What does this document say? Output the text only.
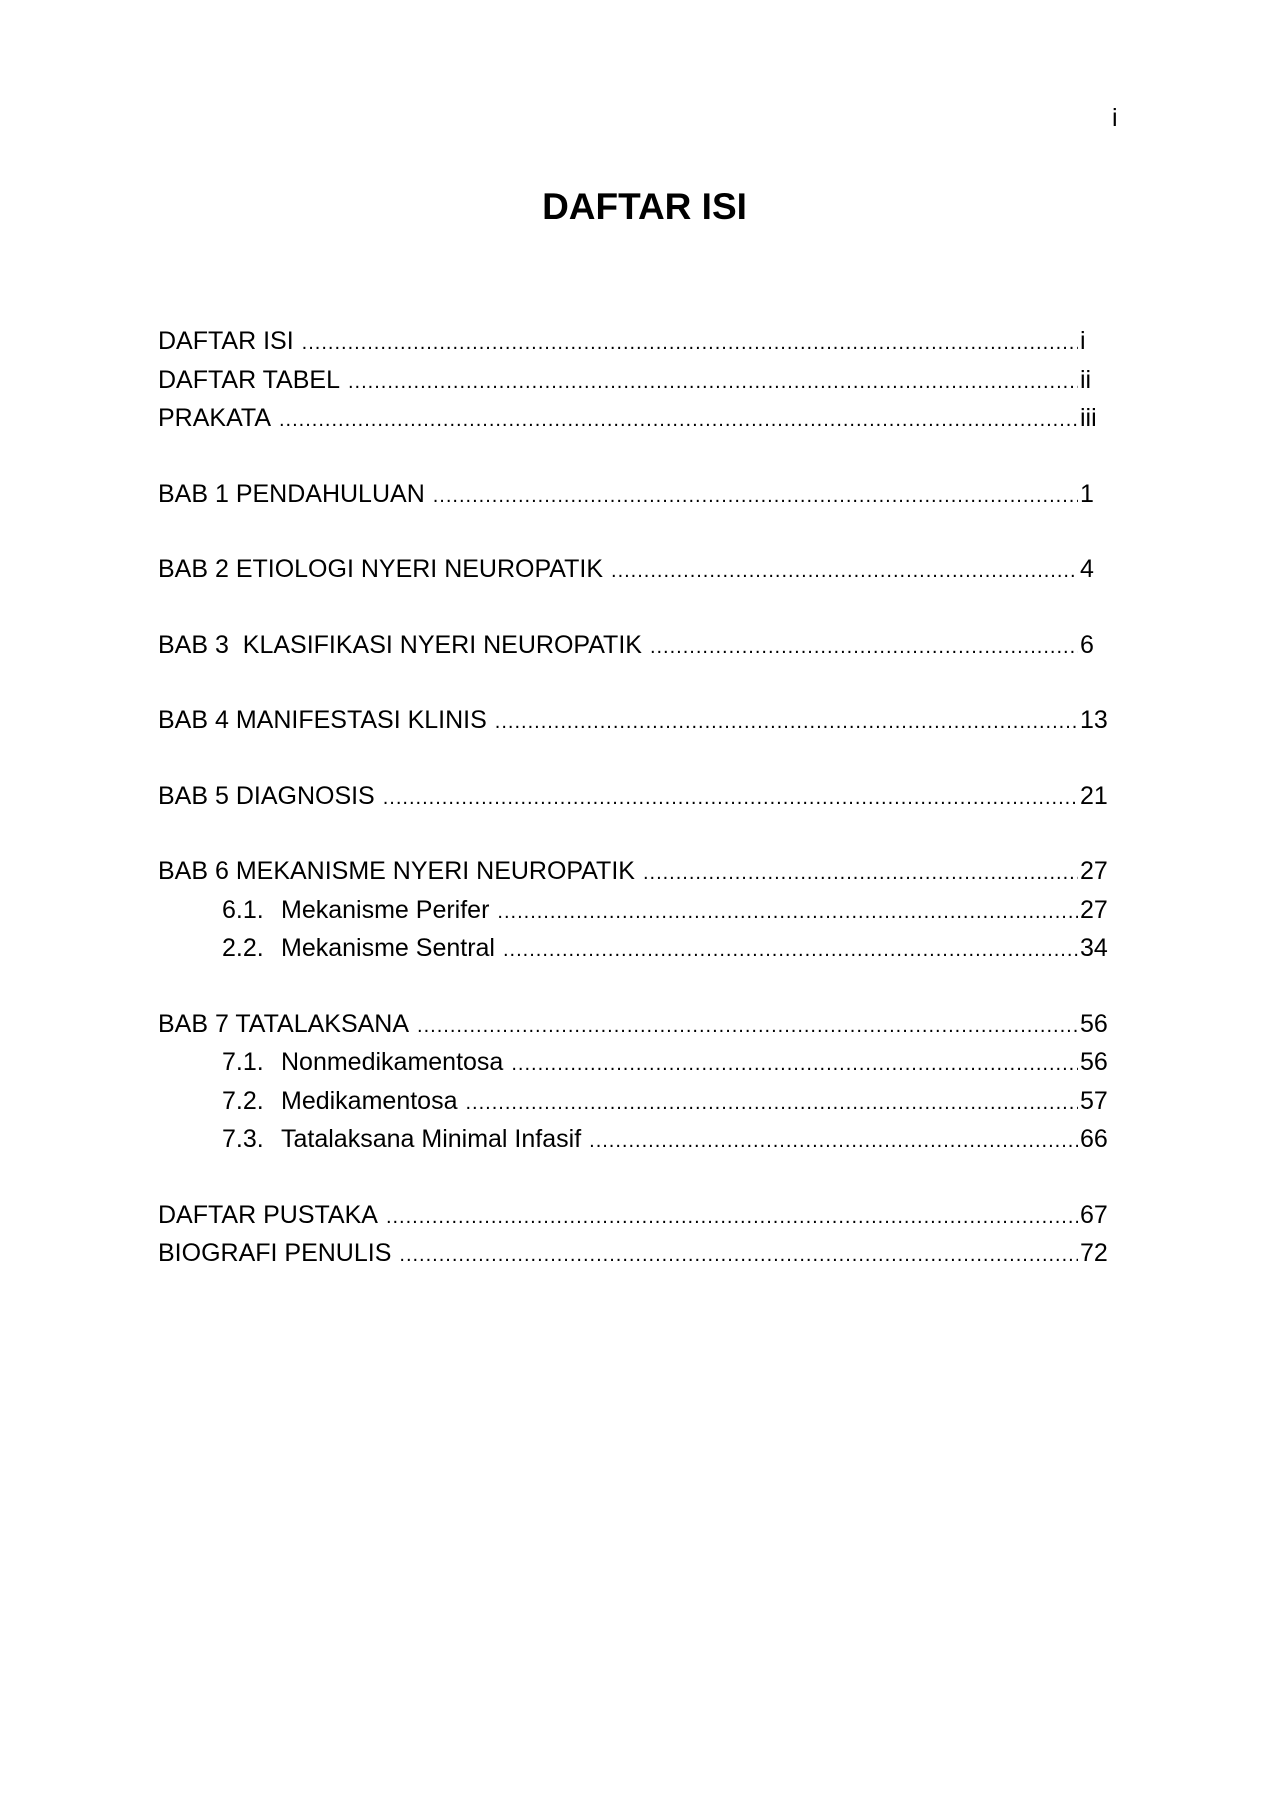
i
DAFTAR ISI
DAFTAR ISI .....	i
DAFTAR TABEL .....	ii
PRAKATA .....	iii
BAB 1 PENDAHULUAN .....	1
BAB 2 ETIOLOGI NYERI NEUROPATIK .....	4
BAB 3  KLASIFIKASI NYERI NEUROPATIK .....	6
BAB 4 MANIFESTASI KLINIS .....	13
BAB 5 DIAGNOSIS .....	21
BAB 6 MEKANISME NYERI NEUROPATIK .....	27
6.1. Mekanisme Perifer .....	27
2.2. Mekanisme Sentral .....	34
BAB 7 TATALAKSANA .....	56
7.1. Nonmedikamentosa .....	56
7.2. Medikamentosa .....	57
7.3. Tatalaksana Minimal Infasif .....	66
DAFTAR PUSTAKA .....	67
BIOGRAFI PENULIS .....	72
